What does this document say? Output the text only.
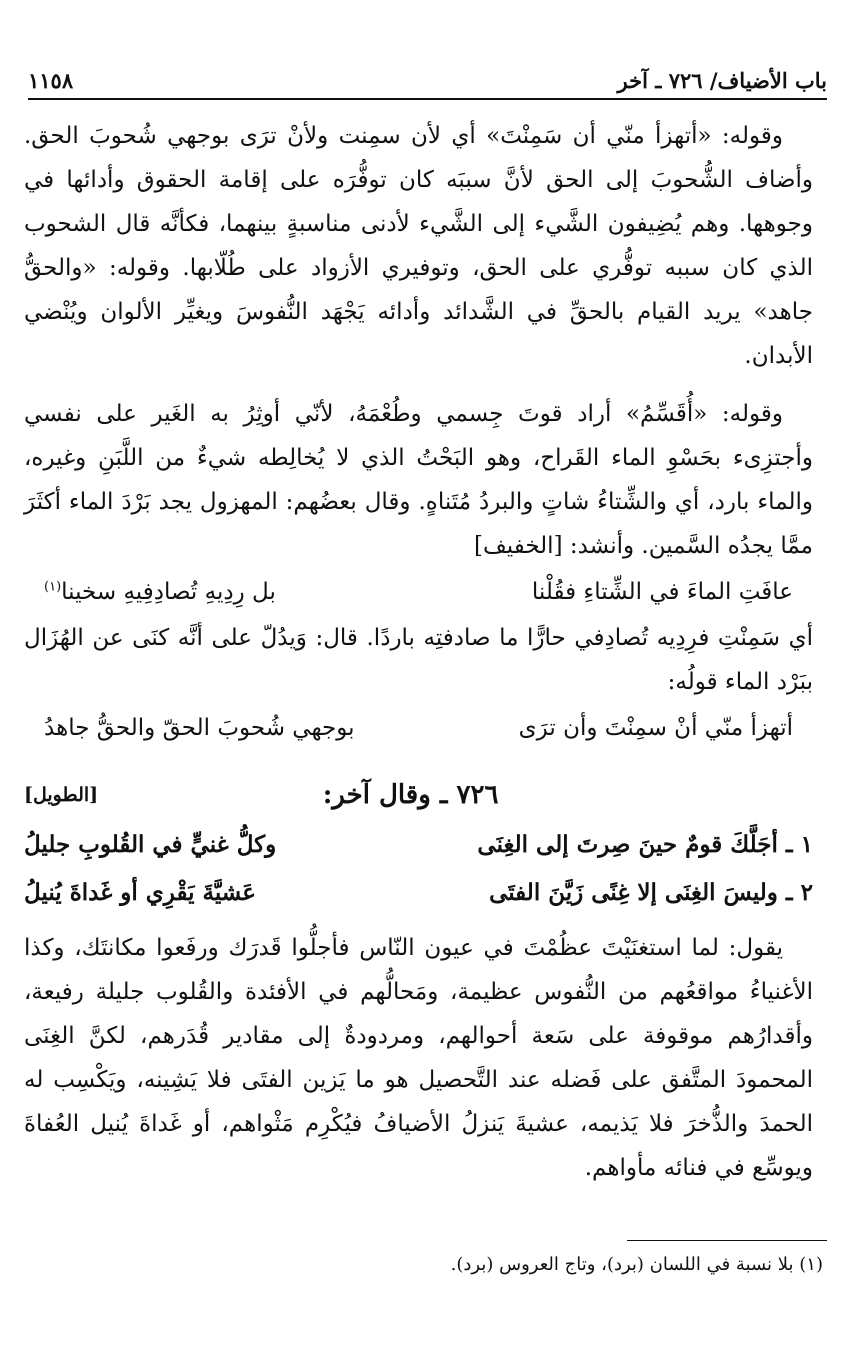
باب الأضياف/ ٧٢٦ ـ آخر
١١٥٨

وقوله: «أتهزأ منّي أن سَمِنْتَ» أي لأن سمِنت ولأنْ ترَى بوجهي شُحوبَ الحق. وأضاف الشُّحوبَ إلى الحق لأنَّ سببَه كان توفُّرَه على إقامة الحقوق وأدائها في وجوهها. وهم يُضِيفون الشَّيء إلى الشَّيء لأدنى مناسبةٍ بينهما، فكأنَّه قال الشحوب الذي كان سببه توفُّري على الحق، وتوفيري الأزواد على طُلّابها. وقوله: «والحقُّ جاهد» يريد القيام بالحقِّ في الشَّدائد وأدائه يَجْهَد النُّفوسَ ويغيِّر الألوان ويُنْضي الأبدان.

وقوله: «أُقَسِّمُ» أراد قوتَ جِسمي وطُعْمَهُ، لأنّي أوثِرُ به الغَير على نفسي وأجتزِىء بحَسْوِ الماء القَراح، وهو البَحْتُ الذي لا يُخالِطه شيءٌ من اللَّبَنِ وغيره، والماء بارد، أي والشِّتاءُ شاتٍ والبردُ مُتَناهٍ. وقال بعضُهم: المهزول يجد بَرْدَ الماء أكثَرَ ممَّا يجدُه السَّمين. وأنشد: [الخفيف]

عافَتِ الماءَ في الشِّتاءِ فقُلْنا
بل رِدِيهِ تُصادِفِيهِ سخينا$^{(١)}$

أي سَمِنْتِ فرِدِيه تُصادِفي حارًّا ما صادفتِه باردًا. قال: وَيدُلّ على أنَّه كنَى عن الهُزَال ببَرْد الماء قولُه:

أتهزأ منّي أنْ سمِنْتَ وأن ترَى
بوجهي شُحوبَ الحقّ والحقُّ جاهدُ
٧٢٦ ـ وقال آخر:
[الطويل]
١ ـ أجَلَّكَ قومٌ حينَ صِرتَ إلى الغِنَى
وكلُّ غنيٍّ في القُلوبِ جليلُ
٢ ـ وليسَ الغِنَى إلا غِنًى زَيَّنَ الفتَى
عَشيَّةَ يَقْرِي أو غَداةَ يُنيلُ

يقول: لما استغنَيْتَ عظُمْتَ في عيون النّاس فأجلُّوا قَدرَك ورفَعوا مكانتَك، وكذا الأغنياءُ مواقعُهم من النُّفوس عظيمة، ومَحالُّهم في الأفئدة والقُلوب جليلة رفيعة، وأقدارُهم موقوفة على سَعة أحوالهم، ومردودةٌ إلى مقادير قُدَرهم، لكنَّ الغِنَى المحمودَ المتَّفق على فَضله عند التَّحصيل هو ما يَزين الفتَى فلا يَشِينه، ويَكْسِب له الحمدَ والذُّخرَ فلا يَذيمه، عشيةَ يَنزلُ الأضيافُ فيُكْرِم مَثْواهم، أو غَداةَ يُنيل العُفاةَ ويوسِّع في فنائه مأواهم.

(١) بلا نسبة في اللسان (برد)، وتاج العروس (برد).
